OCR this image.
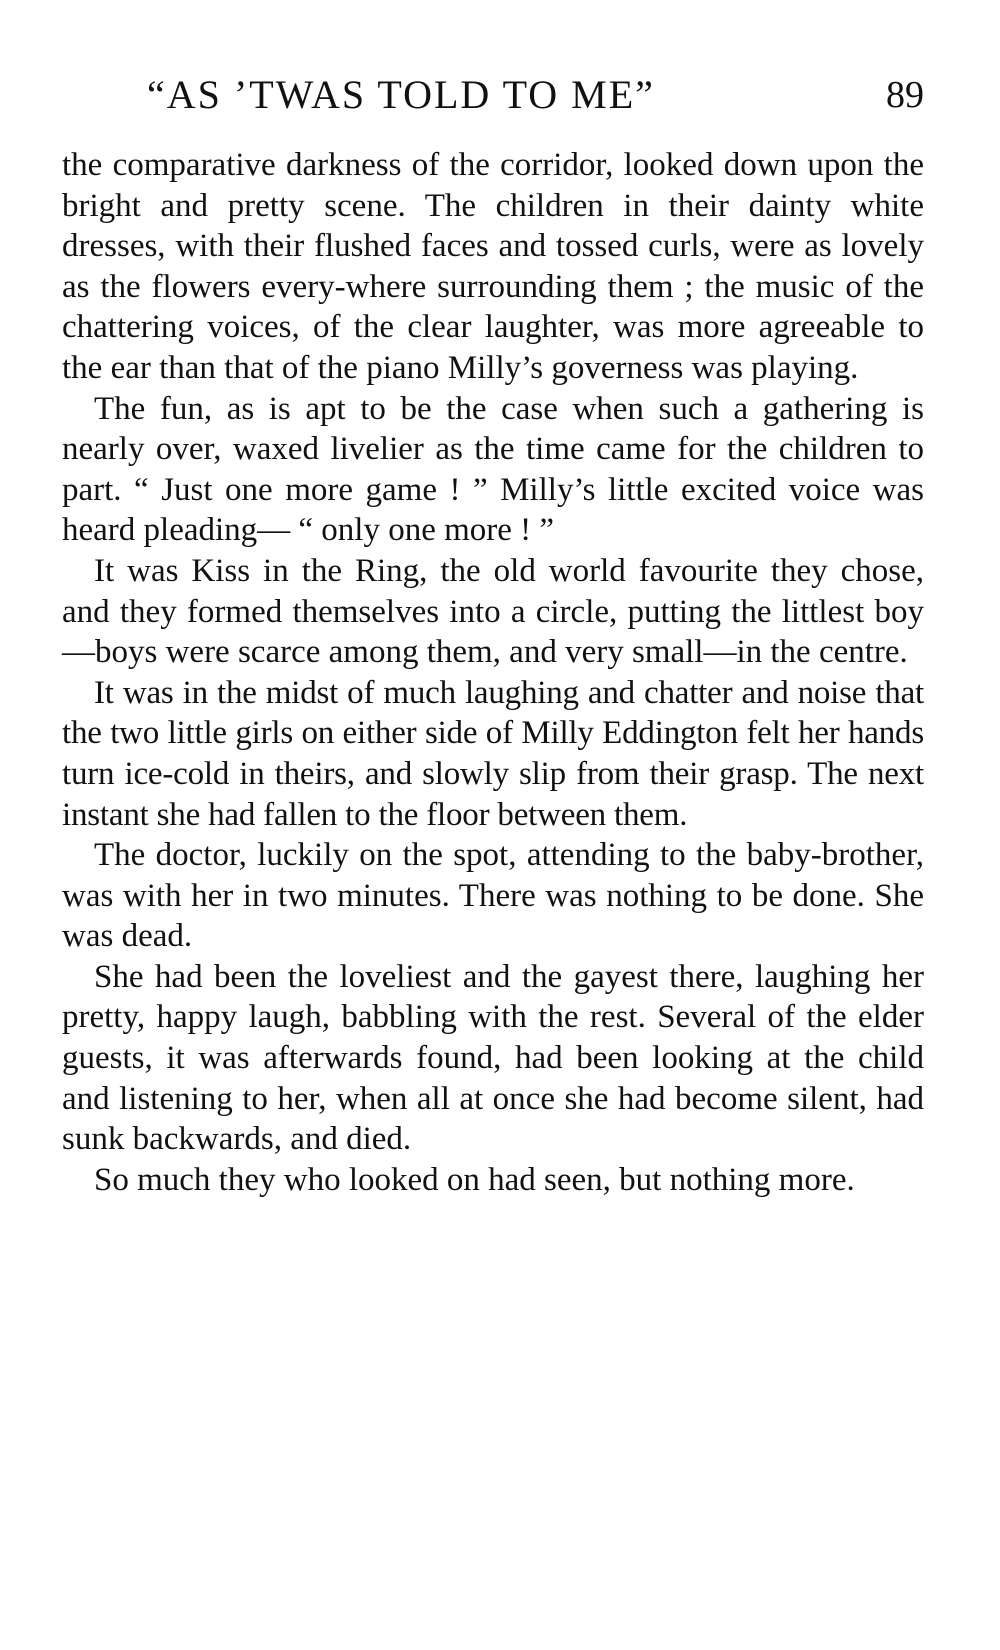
“AS ’TWAS TOLD TO ME”	89

the comparative darkness of the corridor, looked down upon the bright and pretty scene. The children in their dainty white dresses, with their flushed faces and tossed curls, were as lovely as the flowers every-where surrounding them ; the music of the chattering voices, of the clear laughter, was more agreeable to the ear than that of the piano Milly’s governess was playing.

The fun, as is apt to be the case when such a gathering is nearly over, waxed livelier as the time came for the children to part. “ Just one more game ! ” Milly’s little excited voice was heard pleading— “ only one more ! ”

It was Kiss in the Ring, the old world favourite they chose, and they formed themselves into a circle, putting the littlest boy—boys were scarce among them, and very small—in the centre.

It was in the midst of much laughing and chatter and noise that the two little girls on either side of Milly Eddington felt her hands turn ice-cold in theirs, and slowly slip from their grasp. The next instant she had fallen to the floor between them.

The doctor, luckily on the spot, attending to the baby-brother, was with her in two minutes. There was nothing to be done. She was dead.

She had been the loveliest and the gayest there, laughing her pretty, happy laugh, babbling with the rest. Several of the elder guests, it was afterwards found, had been looking at the child and listening to her, when all at once she had become silent, had sunk backwards, and died.

So much they who looked on had seen, but nothing more.
